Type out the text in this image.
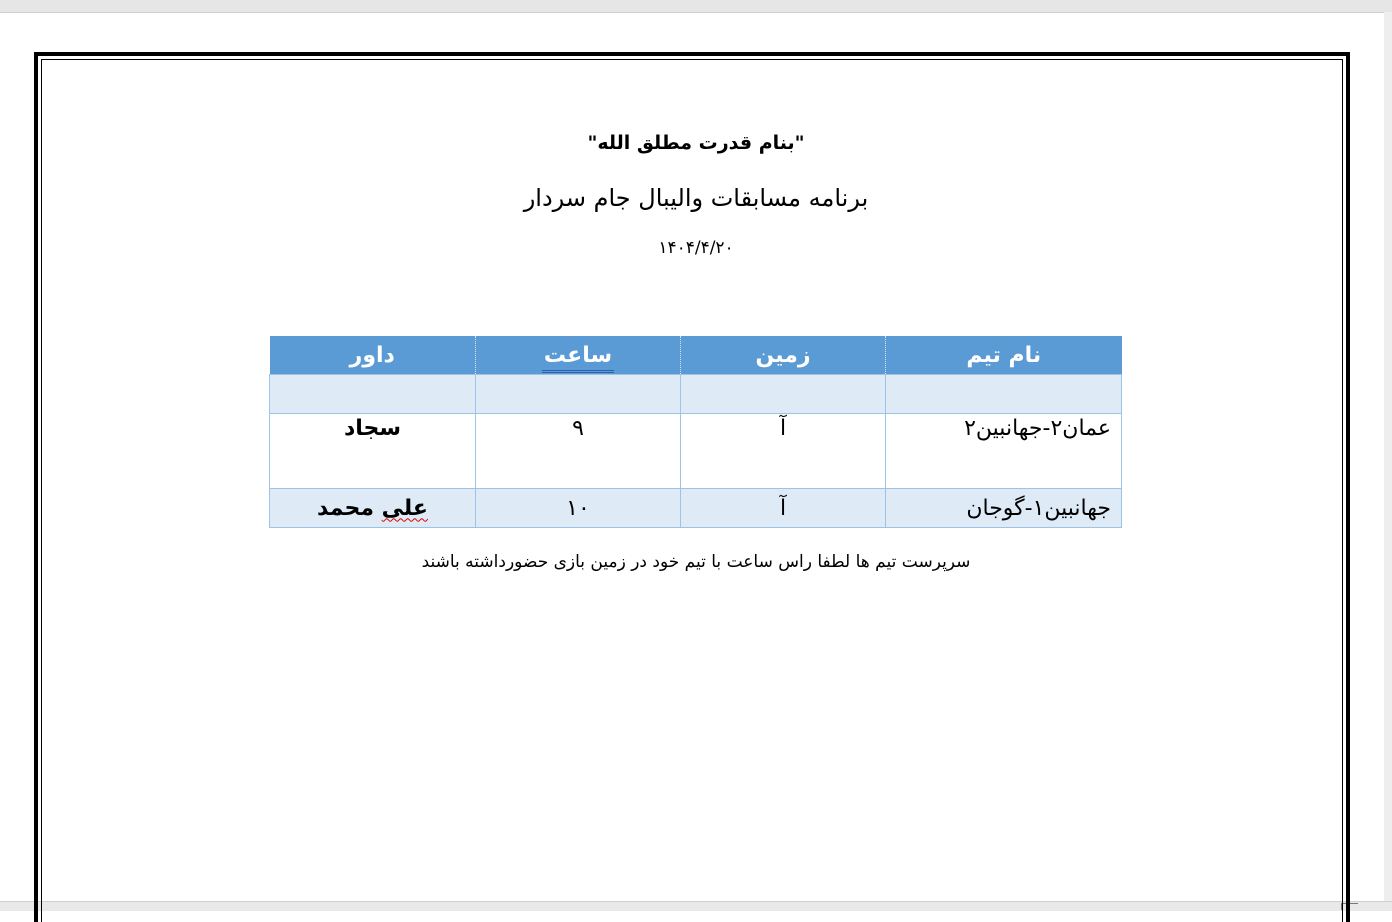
"بنام قدرت مطلق الله"
برنامه مسابقات والیبال جام سردار
۱۴۰۴/۴/۲۰
نام تیم	زمین	ساعت	داور

عمان۲-جهانبین۲	آ	۹	سجاد
جهانبین۱-گوجان	آ	۱۰	علی محمد
سرپرست تیم ها لطفا راس ساعت با تیم خود در زمین بازی حضورداشته باشند
